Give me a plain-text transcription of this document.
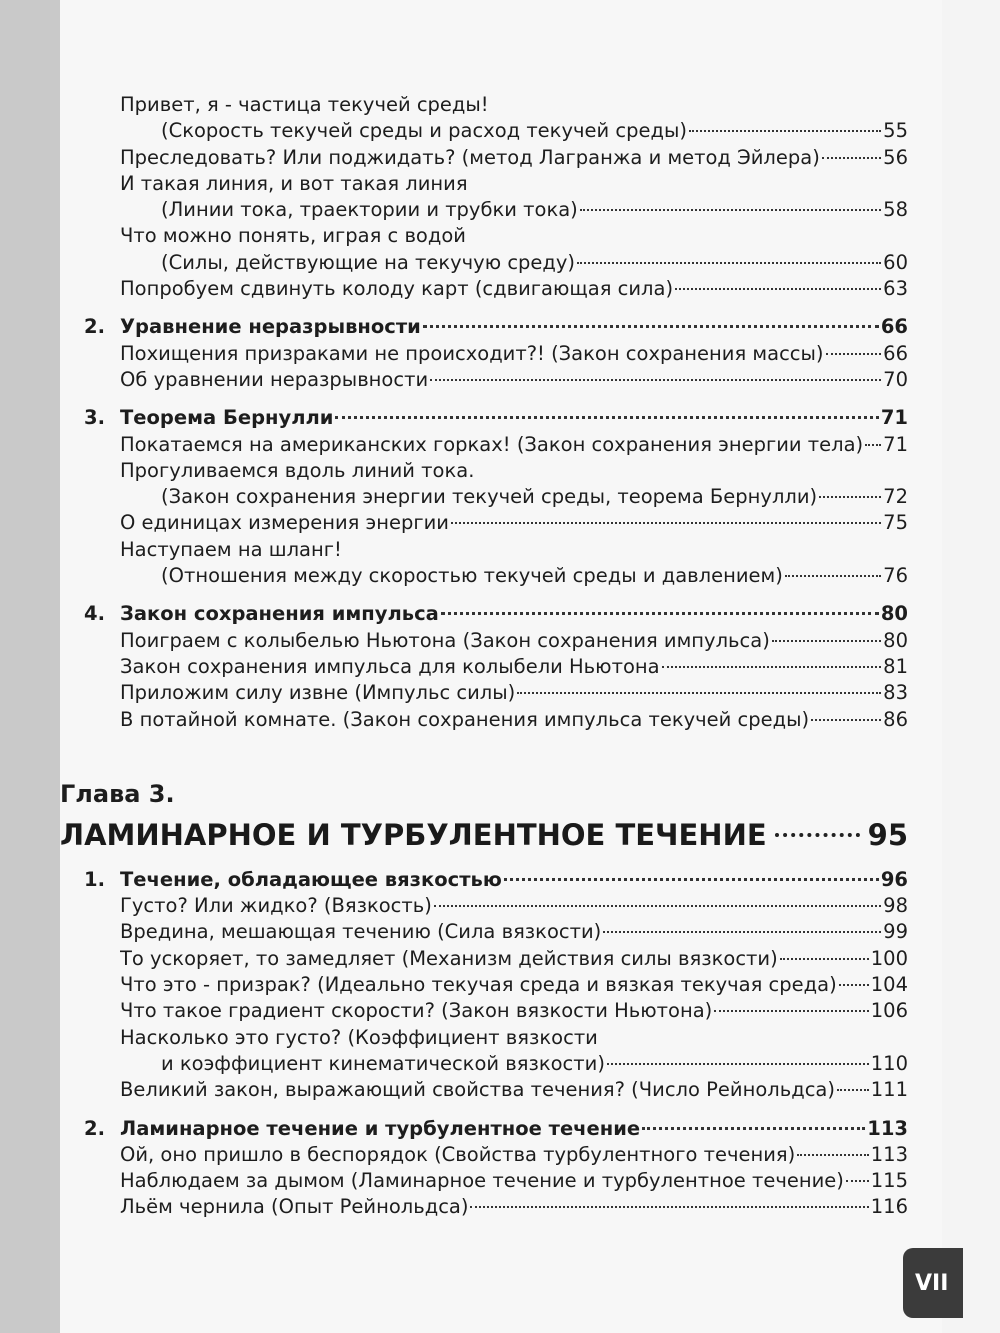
Привет, я - частица текучей среды!
(Скорость текучей среды и расход текучей среды)	55
Преследовать? Или поджидать? (метод Лагранжа и метод Эйлера)	56
И такая линия, и вот такая линия
(Линии тока, траектории и трубки тока)	58
Что можно понять, играя с водой
(Силы, действующие на текучую среду)	60
Попробуем сдвинуть колоду карт (сдвигающая сила)	63
2. Уравнение неразрывности	66
Похищения призраками не происходит?! (Закон сохранения массы)	66
Об уравнении неразрывности	70
3. Теорема Бернулли	71
Покатаемся на американских горках! (Закон сохранения энергии тела) 71
Прогуливаемся вдоль линий тока.
(Закон сохранения энергии текучей среды, теорема Бернулли)	72
О единицах измерения энергии	75
Наступаем на шланг!
(Отношения между скоростью текучей среды и давлением)	76
4. Закон сохранения импульса	80
Поиграем с колыбелью Ньютона (Закон сохранения импульса)	80
Закон сохранения импульса для колыбели Ньютона	81
Приложим силу извне (Импульс силы)	83
В потайной комнате. (Закон сохранения импульса текучей среды)	86
Глава 3.
ЛАМИНАРНОЕ И ТУРБУЛЕНТНОЕ ТЕЧЕНИЕ	95
1. Течение, обладающее вязкостью	96
Густо? Или жидко? (Вязкость)	98
Вредина, мешающая течению (Сила вязкости)	99
То ускоряет, то замедляет (Механизм действия силы вязкости)	100
Что это - призрак? (Идеально текучая среда и вязкая текучая среда) 104
Что такое градиент скорости? (Закон вязкости Ньютона)	106
Насколько это густо? (Коэффициент вязкости
и коэффициент кинематической вязкости)	110
Великий закон, выражающий свойства течения? (Число Рейнольдса) 111
2. Ламинарное течение и турбулентное течение	113
Ой, оно пришло в беспорядок (Свойства турбулентного течения)	113
Наблюдаем за дымом (Ламинарное течение и турбулентное течение) 115
Льём чернила (Опыт Рейнольдса)	116
VII
